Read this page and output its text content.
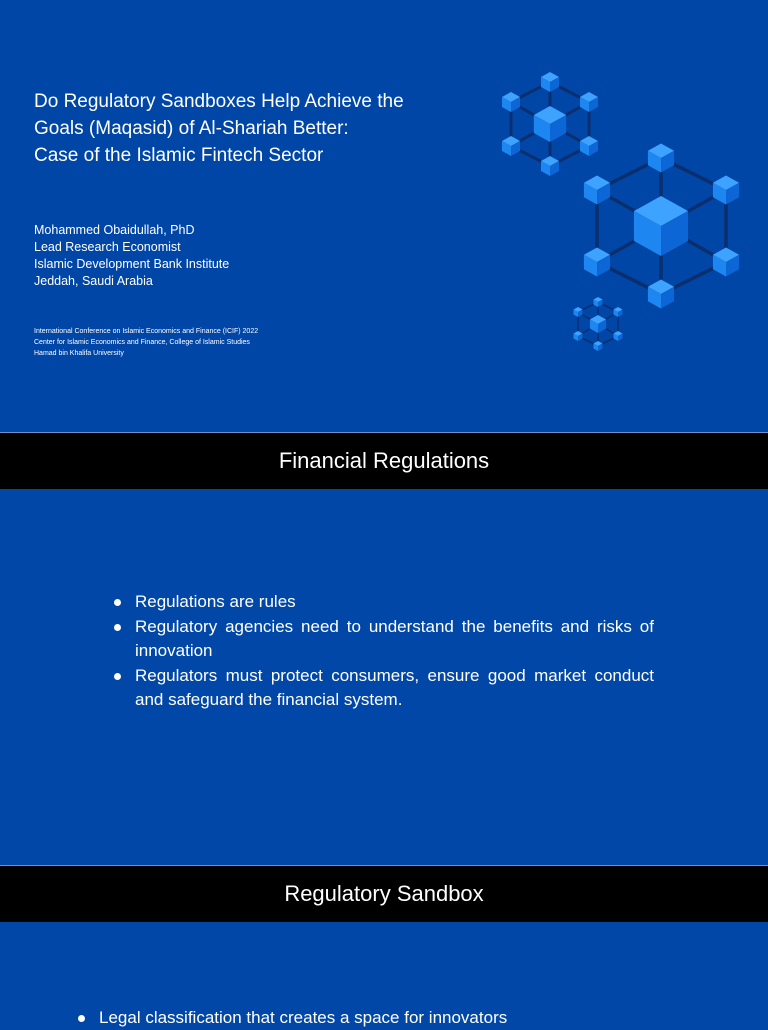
Do Regulatory Sandboxes Help Achieve the
Goals (Maqasid) of Al-Shariah Better:
Case of the Islamic Fintech Sector
Mohammed Obaidullah, PhD
Lead Research Economist
Islamic Development Bank Institute
Jeddah, Saudi Arabia
International Conference on Islamic Economics and Finance (ICIF) 2022
Center for Islamic Economics and Finance, College of Islamic Studies
Hamad bin Khalifa University
Financial Regulations
Regulations are rules
Regulatory agencies need to understand the benefits and risks of innovation
Regulators must protect consumers, ensure good market conduct and safeguard the financial system.
Regulatory Sandbox
Legal classification that creates a space for innovators
